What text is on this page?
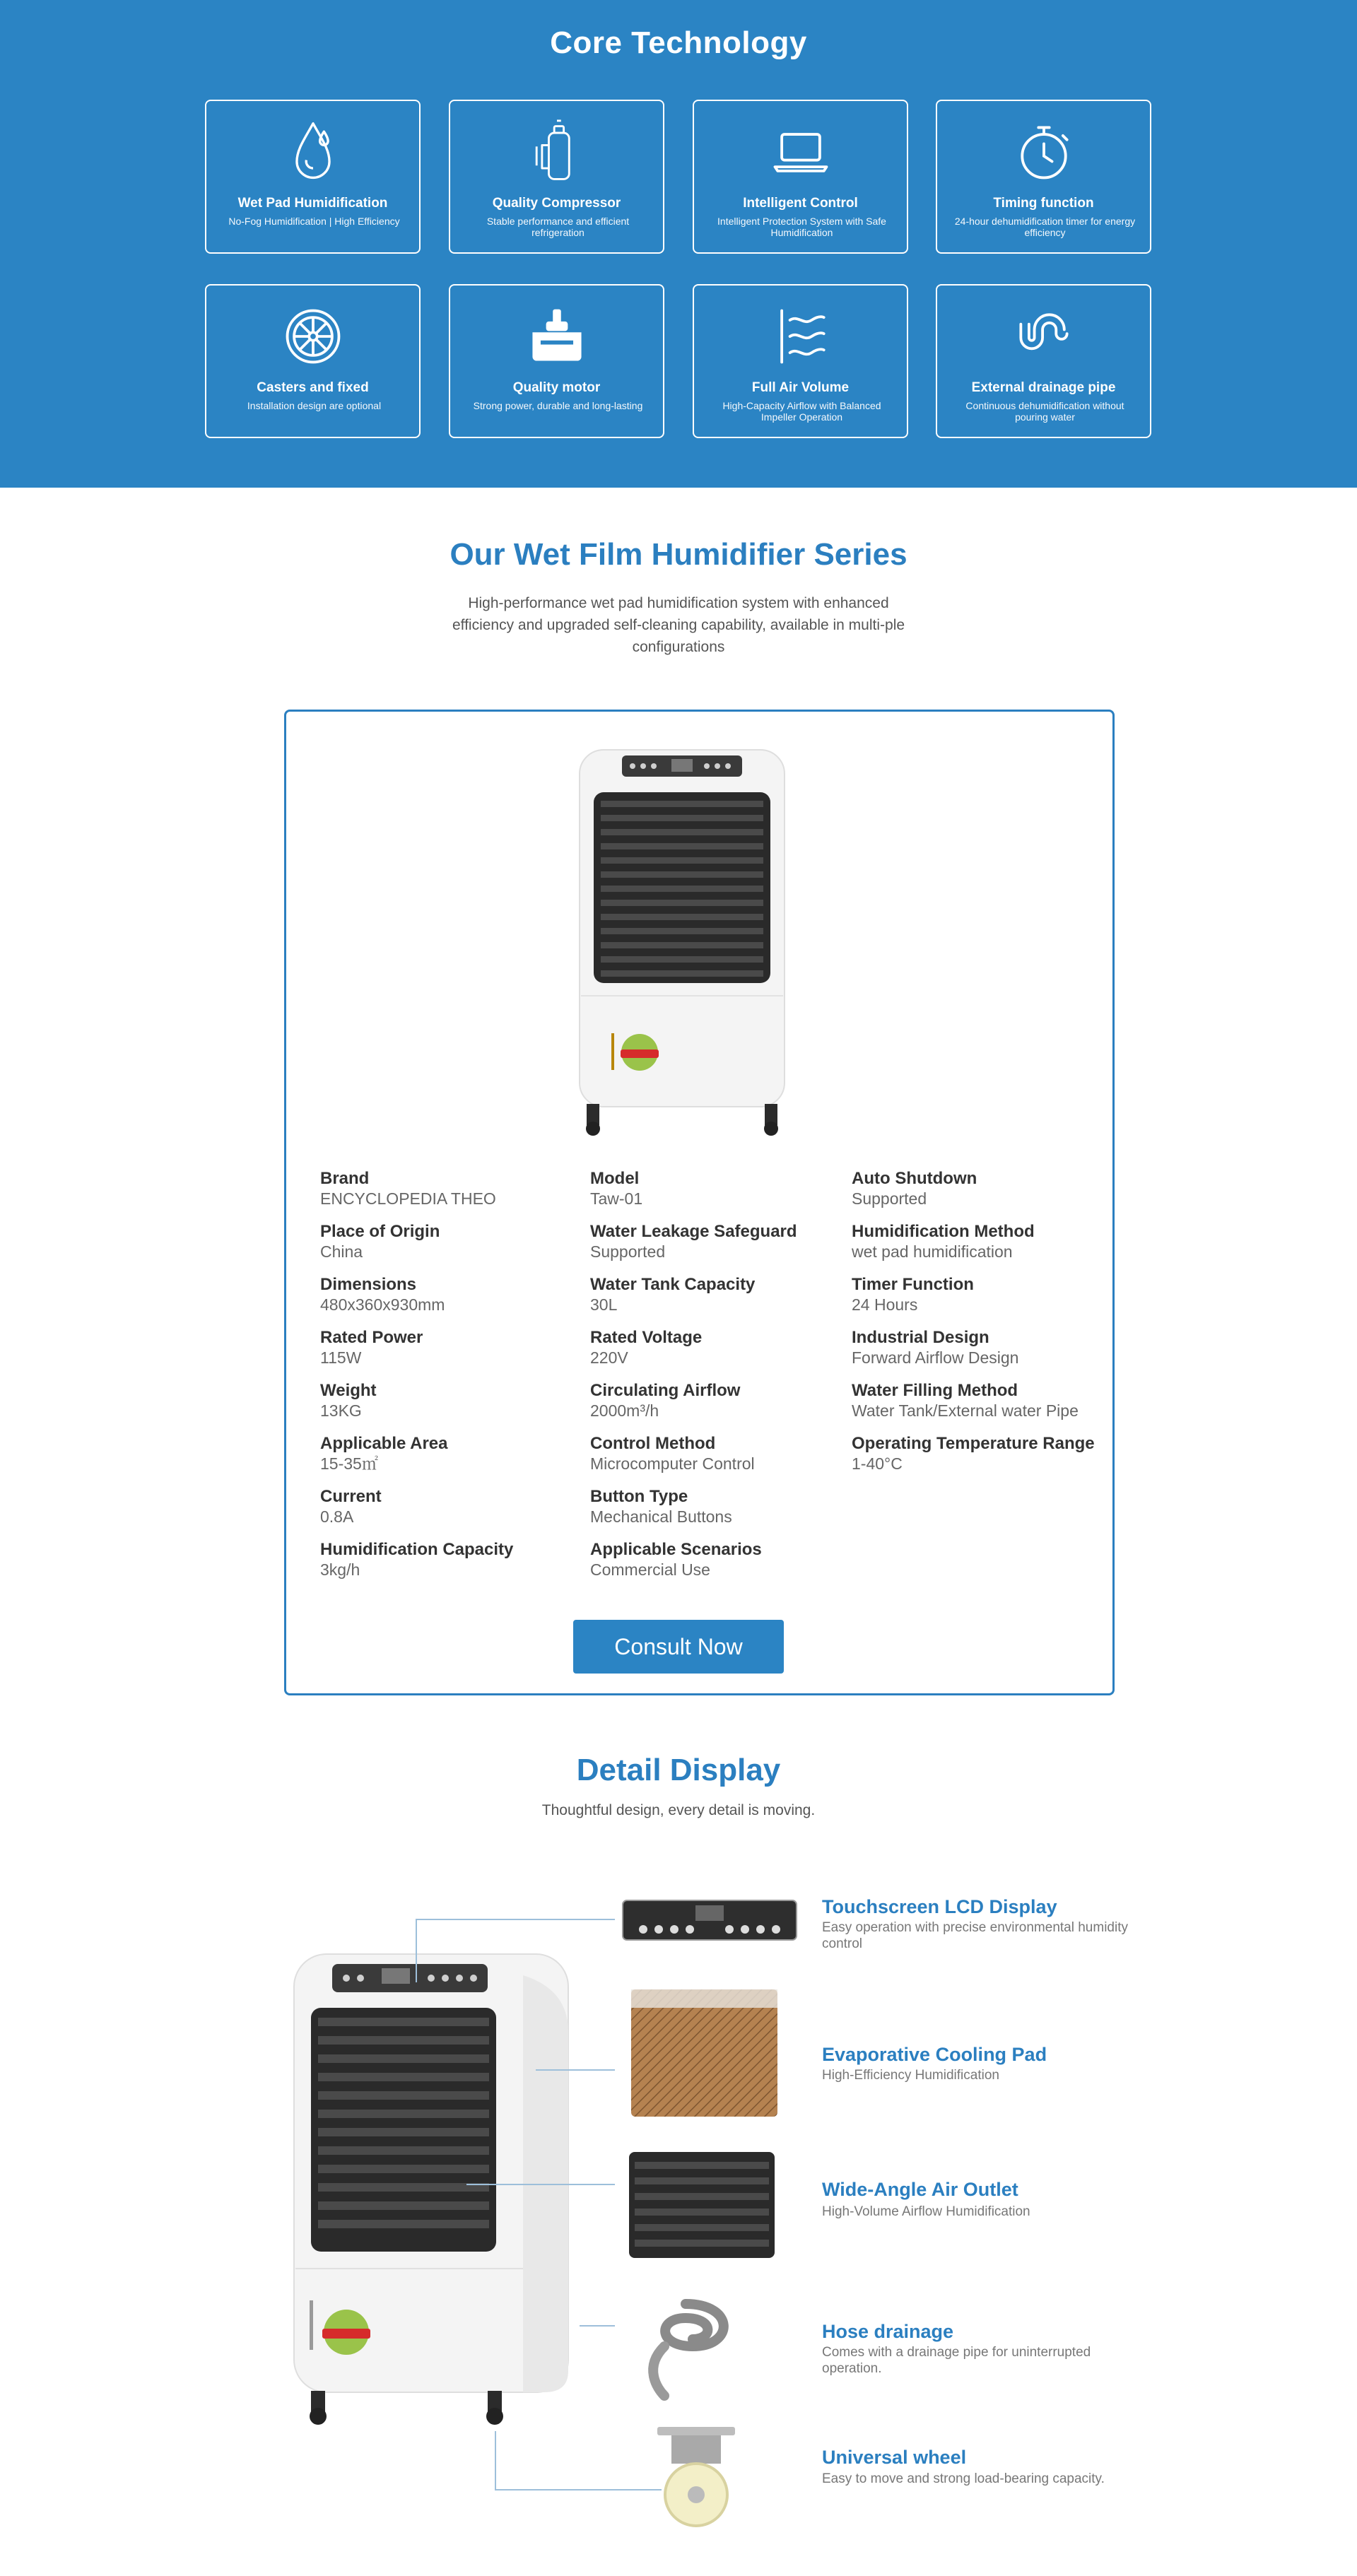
Core Technology
Wet Pad Humidification
No-Fog Humidification | High Efficiency
Quality Compressor
Stable performance and efficient refrigeration
Intelligent Control
Intelligent Protection System with Safe Humidification
Timing function
24-hour dehumidification timer for energy efficiency
Casters and fixed
Installation design are optional
Quality motor
Strong power, durable and long-lasting
Full Air Volume
High-Capacity Airflow with Balanced Impeller Operation
External drainage pipe
Continuous dehumidification without pouring water
Our Wet Film Humidifier Series

High-performance wet pad humidification system with enhanced efficiency and upgraded self-cleaning capability, available in multi-ple configurations

Brand
ENCYCLOPEDIA THEO
Place of Origin
China
Dimensions
480x360x930mm
Rated Power
115W
Weight
13KG
Applicable Area
15-35㎡
Current
0.8A
Humidification Capacity
3kg/h
Model
Taw-01
Water Leakage Safeguard
Supported
Water Tank Capacity
30L
Rated Voltage
220V
Circulating Airflow
2000m³/h
Control Method
Microcomputer Control
Button Type
Mechanical Buttons
Applicable Scenarios
Commercial Use
Auto Shutdown
Supported
Humidification Method
wet pad humidification
Timer Function
24 Hours
Industrial Design
Forward Airflow Design
Water Filling Method
Water Tank/External water Pipe
Operating Temperature Range
1-40°C
Consult Now
Detail Display

Thoughtful design, every detail is moving.

Touchscreen LCD Display
Easy operation with precise environmental humidity control
Evaporative Cooling Pad
High-Efficiency Humidification
Wide-Angle Air Outlet
High-Volume Airflow Humidification
Hose drainage
Comes with a drainage pipe for uninterrupted operation.
Universal wheel
Easy to move and strong load-bearing capacity.
